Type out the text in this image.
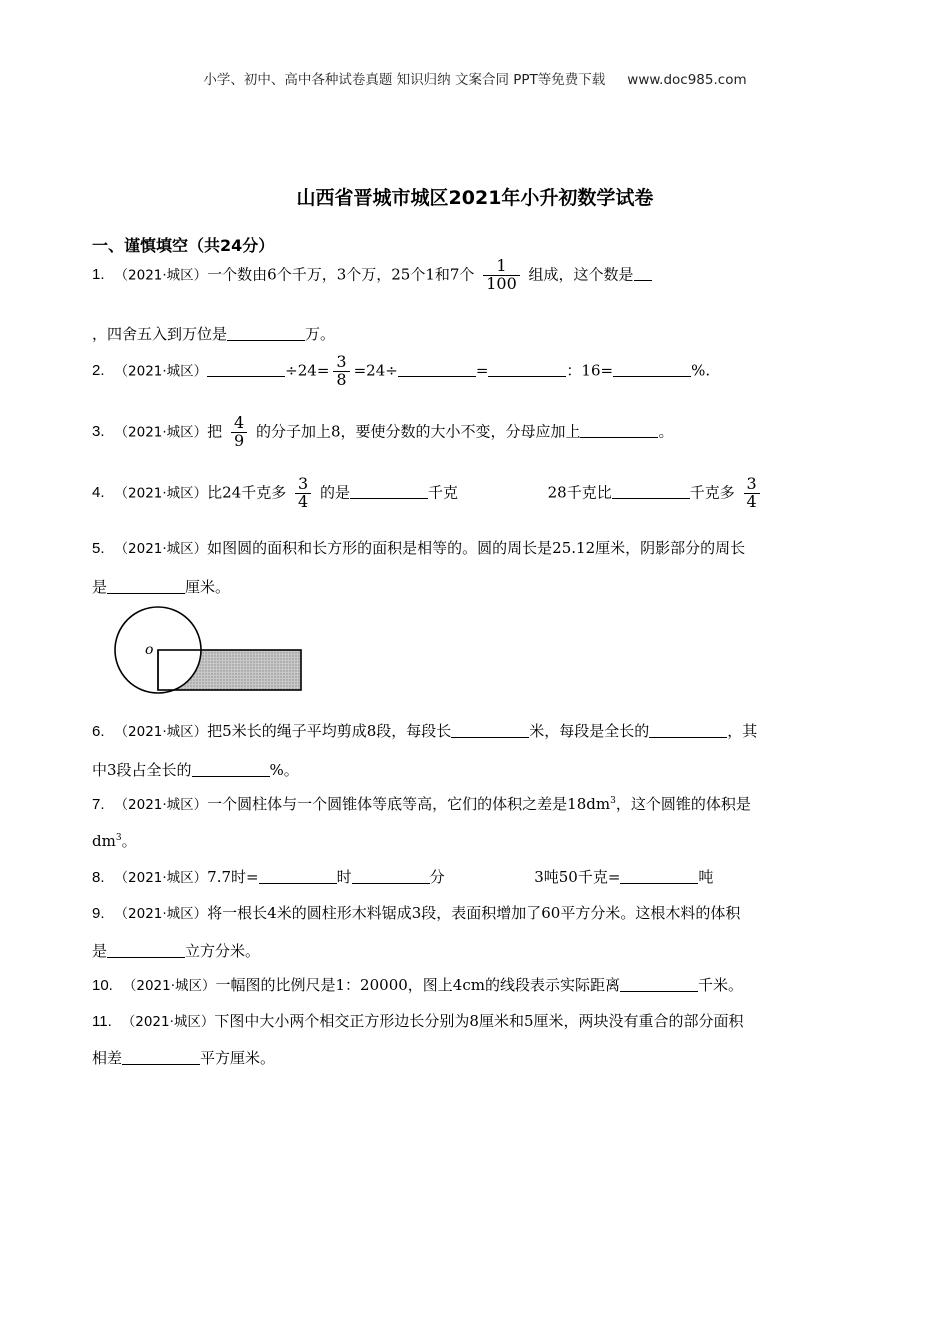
小学、初中、高中各种试卷真题 知识归纳 文案合同 PPT等免费下载 www.doc985.com
山西省晋城市城区2021年小升初数学试卷
一、谨慎填空（共24分）
1. （2021·城区）一个数由6个千万，3个万，25个1和7个 $\frac{1}{100}$ 组成，这个数是
，四舍五入到万位是	万。
2. （2021·城区）	$\div 24= \frac{3}{8} =24\div$	=	：16=	%.
3. （2021·城区）把 $\frac{4}{9}$ 的分子加上8，要使分数的大小不变，分母应加上	。
4. （2021·城区）比24千克多 $\frac{3}{4}$ 的是	千克	28千克比	千克多 $\frac{3}{4}$
5. （2021·城区）如图圆的面积和长方形的面积是相等的。圆的周长是25.12厘米，阴影部分的周长
是	厘米。
o
6. （2021·城区）把5米长的绳子平均剪成8段，每段长	米，每段是全长的	，其
中3段占全长的	%。
7. （2021·城区）一个圆柱体与一个圆锥体等底等高，它们的体积之差是$18dm^3$，这个圆锥的体积是
$dm^3$。
8. （2021·城区）7.7时=	时	分	3吨50千克=	吨
9. （2021·城区）将一根长4米的圆柱形木料锯成3段，表面积增加了60平方分米。这根木料的体积
是	立方分米。
10. （2021·城区）一幅图的比例尺是1：20000，图上4cm的线段表示实际距离	千米。
11. （2021·城区）下图中大小两个相交正方形边长分别为8厘米和5厘米，两块没有重合的部分面积
相差	平方厘米。
